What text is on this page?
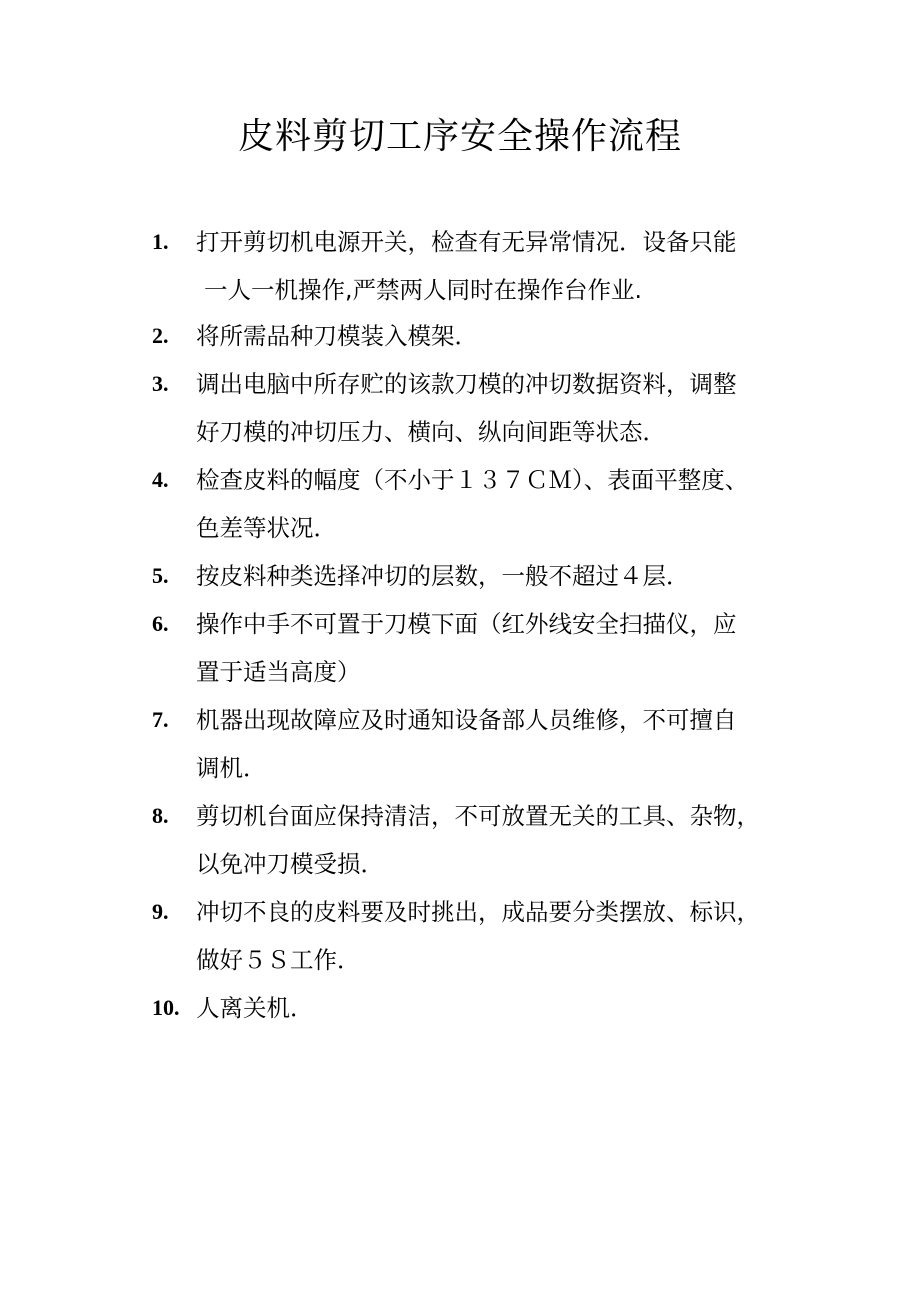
皮料剪切工序安全操作流程
1. 打开剪切机电源开关，检查有无异常情况．设备只能
一人一机操作,严禁两人同时在操作台作业.
2. 将所需品种刀模装入模架．
3. 调出电脑中所存贮的该款刀模的冲切数据资料，调整
好刀模的冲切压力、横向、纵向间距等状态．
4. 检查皮料的幅度（不小于１３７ＣＭ）、表面平整度、
色差等状况．
5. 按皮料种类选择冲切的层数，一般不超过４层．
6. 操作中手不可置于刀模下面（红外线安全扫描仪，应
置于适当高度）
7. 机器出现故障应及时通知设备部人员维修，不可擅自
调机．
8. 剪切机台面应保持清洁，不可放置无关的工具、杂物，
以免冲刀模受损．
9. 冲切不良的皮料要及时挑出，成品要分类摆放、标识，
做好５Ｓ工作．
10. 人离关机．
